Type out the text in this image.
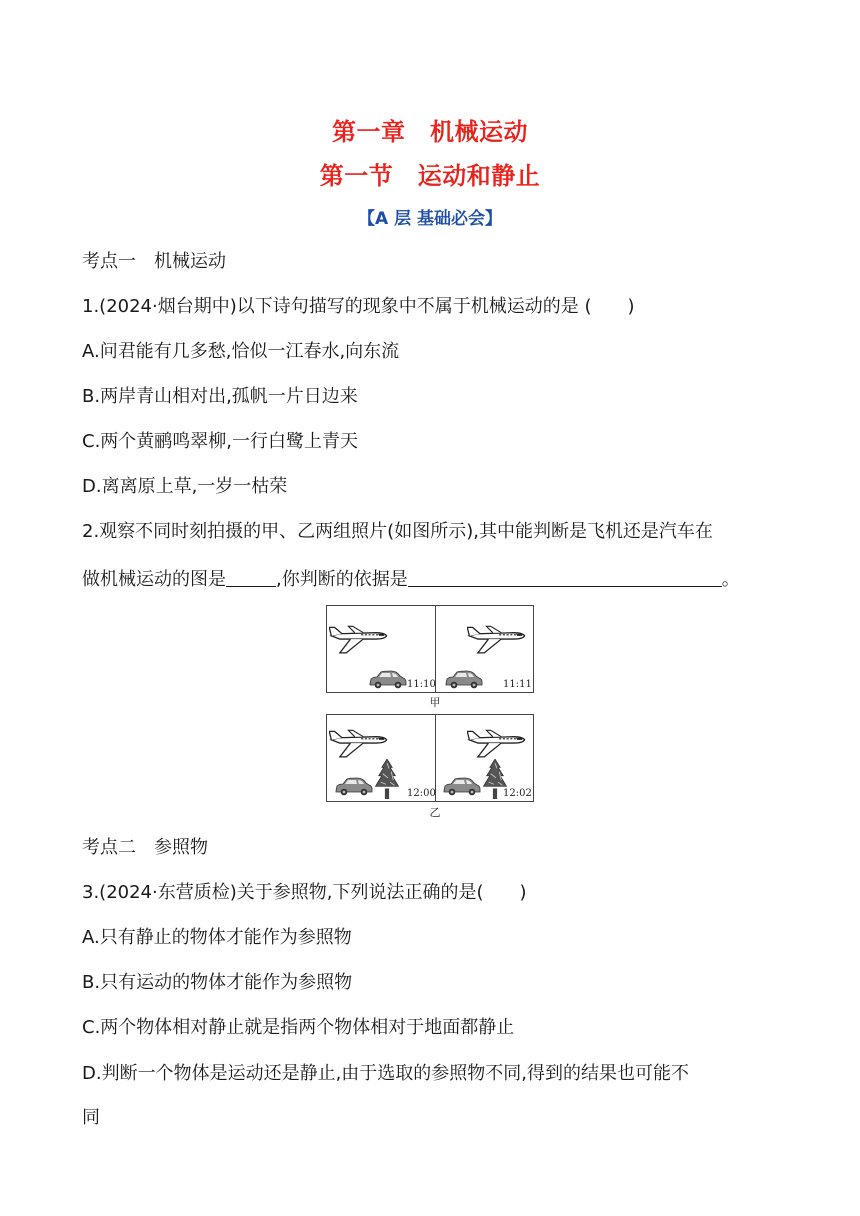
第一章　机械运动
第一节　运动和静止
【A 层 基础必会】
考点一　机械运动
1.(2024·烟台期中)以下诗句描写的现象中不属于机械运动的是 (　　)
A.问君能有几多愁,恰似一江春水,向东流
B.两岸青山相对出,孤帆一片日边来
C.两个黄鹂鸣翠柳,一行白鹭上青天
D.离离原上草,一岁一枯荣
2.观察不同时刻拍摄的甲、乙两组照片(如图所示),其中能判断是飞机还是汽车在
做机械运动的图是	,你判断的依据是	。
11:10	11:11
甲
12:00	12:02
乙
考点二　参照物
3.(2024·东营质检)关于参照物,下列说法正确的是(　　)
A.只有静止的物体才能作为参照物
B.只有运动的物体才能作为参照物
C.两个物体相对静止就是指两个物体相对于地面都静止
D.判断一个物体是运动还是静止,由于选取的参照物不同,得到的结果也可能不
同
